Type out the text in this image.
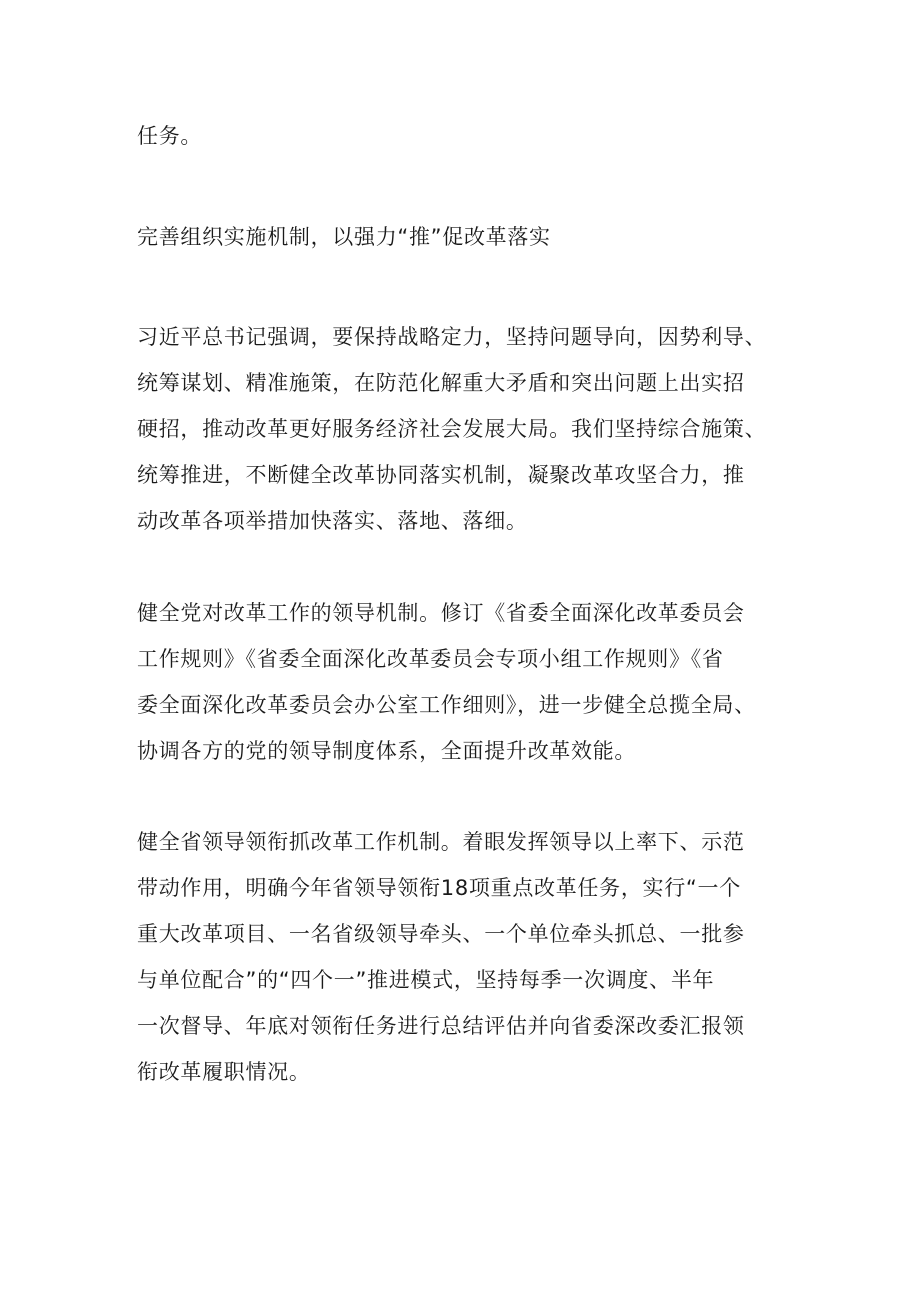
任务。

完善组织实施机制，以强力“推”促改革落实

习近平总书记强调，要保持战略定力，坚持问题导向，因势利导、
统筹谋划、精准施策，在防范化解重大矛盾和突出问题上出实招
硬招，推动改革更好服务经济社会发展大局。我们坚持综合施策、
统筹推进，不断健全改革协同落实机制，凝聚改革攻坚合力，推
动改革各项举措加快落实、落地、落细。

健全党对改革工作的领导机制。修订《省委全面深化改革委员会
工作规则》《省委全面深化改革委员会专项小组工作规则》《省
委全面深化改革委员会办公室工作细则》，进一步健全总揽全局、
协调各方的党的领导制度体系，全面提升改革效能。

健全省领导领衔抓改革工作机制。着眼发挥领导以上率下、示范
带动作用，明确今年省领导领衔18项重点改革任务，实行“一个
重大改革项目、一名省级领导牵头、一个单位牵头抓总、一批参
与单位配合”的“四个一”推进模式，坚持每季一次调度、半年
一次督导、年底对领衔任务进行总结评估并向省委深改委汇报领
衔改革履职情况。
